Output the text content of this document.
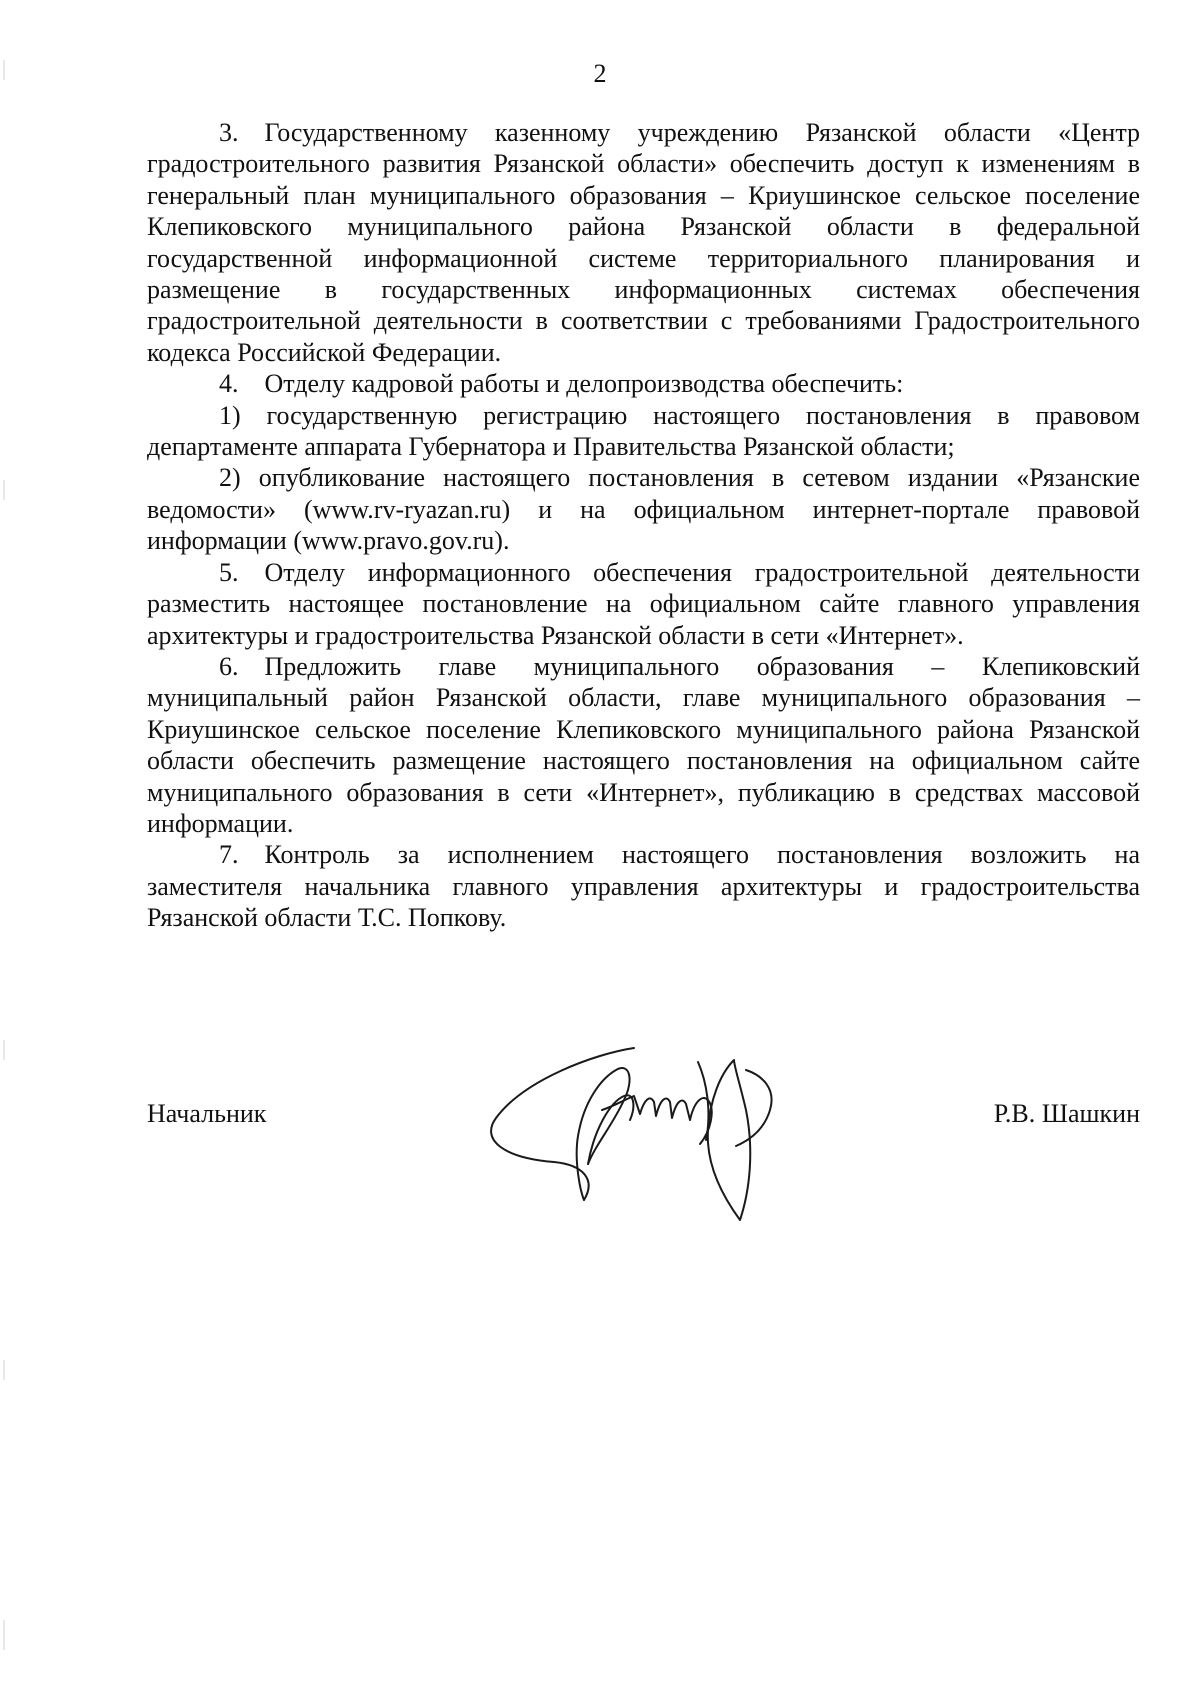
2

3. Государственному казенному учреждению Рязанской области «Центр градостроительного развития Рязанской области» обеспечить доступ к изменениям в генеральный план муниципального образования – Криушинское сельское поселение Клепиковского муниципального района Рязанской области в федеральной государственной информационной системе территориального планирования и размещение в государственных информационных системах обеспечения градостроительной деятельности в соответствии с требованиями Градостроительного кодекса Российской Федерации.

4. Отделу кадровой работы и делопроизводства обеспечить:

1) государственную регистрацию настоящего постановления в правовом департаменте аппарата Губернатора и Правительства Рязанской области;

2) опубликование настоящего постановления в сетевом издании «Рязанские ведомости» (www.rv-ryazan.ru) и на официальном интернет-портале правовой информации (www.pravo.gov.ru).

5. Отделу информационного обеспечения градостроительной деятельности разместить настоящее постановление на официальном сайте главного управления архитектуры и градостроительства Рязанской области в сети «Интернет».

6. Предложить главе муниципального образования – Клепиковский муниципальный район Рязанской области, главе муниципального образования – Криушинское сельское поселение Клепиковского муниципального района Рязанской области обеспечить размещение настоящего постановления на официальном сайте муниципального образования в сети «Интернет», публикацию в средствах массовой информации.

7. Контроль за исполнением настоящего постановления возложить на заместителя начальника главного управления архитектуры и градостроительства Рязанской области Т.С. Попкову.

Начальник	Р.В. Шашкин
